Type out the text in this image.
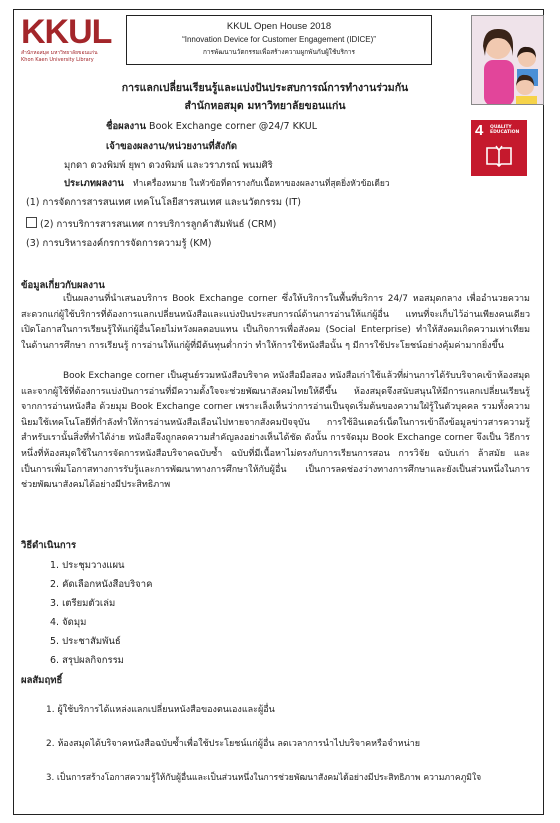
KKUL
สำนักหอสมุด มหาวิทยาลัยขอนแก่น
Khon Kaen University Library
KKUL Open House 2018
“Innovation Device for Customer Engagement (IDICE)”
การพัฒนานวัตกรรมเพื่อสร้างความผูกพันกับผู้ใช้บริการ
4 QUALITY
EDUCATION
การแลกเปลี่ยนเรียนรู้และแบ่งปันประสบการณ์การทำงานร่วมกัน
สำนักหอสมุด มหาวิทยาลัยขอนแก่น
ชื่อผลงาน Book Exchange corner @24/7 KKUL
เจ้าของผลงาน/หน่วยงานที่สังกัด
มุกดา ดวงพิมพ์ ยุพา ดวงพิมพ์ และวราภรณ์ พนมศิริ
ประเภทผลงาน ทำเครื่องหมาย ในหัวข้อที่ตารางกับเนื้อหาของผลงานที่สุดยิ่งหัวข้อเดียว
(1) การจัดการสารสนเทศ เทคโนโลยีสารสนเทศ และนวัตกรรม (IT)
(2) การบริการสารสนเทศ การบริการลูกค้าสัมพันธ์ (CRM)
(3) การบริหารองค์กรการจัดการความรู้ (KM)
ข้อมูลเกี่ยวกับผลงาน
เป็นผลงานที่นำเสนอบริการ Book Exchange corner ซึ่งให้บริการในพื้นที่บริการ 24/7 หอสมุดกลาง เพื่ออำนวยความสะดวกแก่ผู้ใช้บริการที่ต้องการแลกเปลี่ยนหนังสือและแบ่งปันประสบการณ์ด้านการอ่านให้แก่ผู้อื่น แทนที่จะเก็บไว้อ่านเพียงคนเดียว เปิดโอกาสในการเรียนรู้ให้แก่ผู้อื่นโดยไม่หวังผลตอบแทน เป็นกิจการเพื่อสังคม (Social Enterprise) ทำให้สังคมเกิดความเท่าเทียมในด้านการศึกษา การเรียนรู้ การอ่านให้แก่ผู้ที่มีต้นทุนต่ำกว่า ทำให้การใช้หนังสือนั้น ๆ มีการใช้ประโยชน์อย่างคุ้มค่ามากยิ่งขึ้น
Book Exchange corner เป็นศูนย์รวมหนังสือบริจาค หนังสือมือสอง หนังสือเก่าใช้แล้วที่ผ่านการได้รับบริจาคเข้าห้องสมุดและจากผู้ใช้ที่ต้องการแบ่งปันการอ่านที่มีความตั้งใจจะช่วยพัฒนาสังคมไทยให้ดีขึ้น ห้องสมุดจึงสนับสนุนให้มีการแลกเปลี่ยนเรียนรู้จากการอ่านหนังสือ ด้วยมุม Book Exchange corner เพราะเล็งเห็นว่าการอ่านเป็นจุดเริ่มต้นของความใฝ่รู้ในตัวบุคคล รวมทั้งความนิยมใช้เทคโนโลยีที่กำลังทำให้การอ่านหนังสือเลือนไปหายจากสังคมปัจจุบัน การใช้อินเตอร์เน็ตในการเข้าถึงข้อมูลข่าวสารความรู้สำหรับเรานั้นสิ่งที่ทำได้ง่าย หนังสือจึงถูกลดความสำคัญลงอย่างเห็นได้ชัด ดังนั้น การจัดมุม Book Exchange corner จึงเป็น วิธีการหนึ่งที่ห้องสมุดใช้ในการจัดการหนังสือบริจาคฉบับซ้ำ ฉบับที่มีเนื้อหาไม่ตรงกับการเรียนการสอน การวิจัย ฉบับเก่า ล้าสมัย และเป็นการเพิ่มโอกาสทางการรับรู้และการพัฒนาทางการศึกษาให้กับผู้อื่น เป็นการลดช่องว่างทางการศึกษาและยังเป็นส่วนหนึ่งในการช่วยพัฒนาสังคมได้อย่างมีประสิทธิภาพ
วิธีดำเนินการ
1. ประชุมวางแผน
2. คัดเลือกหนังสือบริจาค
3. เตรียมตัวเล่ม
4. จัดมุม
5. ประชาสัมพันธ์
6. สรุปผลกิจกรรม
ผลสัมฤทธิ์
1. ผู้ใช้บริการได้แหล่งแลกเปลี่ยนหนังสือของตนเองและผู้อื่น
2. ห้องสมุดได้บริจาคหนังสือฉบับซ้ำเพื่อใช้ประโยชน์แก่ผู้อื่น ลดเวลาการนำไปบริจาคหรือจำหน่าย
3. เป็นการสร้างโอกาสความรู้ให้กับผู้อื่นและเป็นส่วนหนึ่งในการช่วยพัฒนาสังคมได้อย่างมีประสิทธิภาพ ความภาคภูมิใจ
